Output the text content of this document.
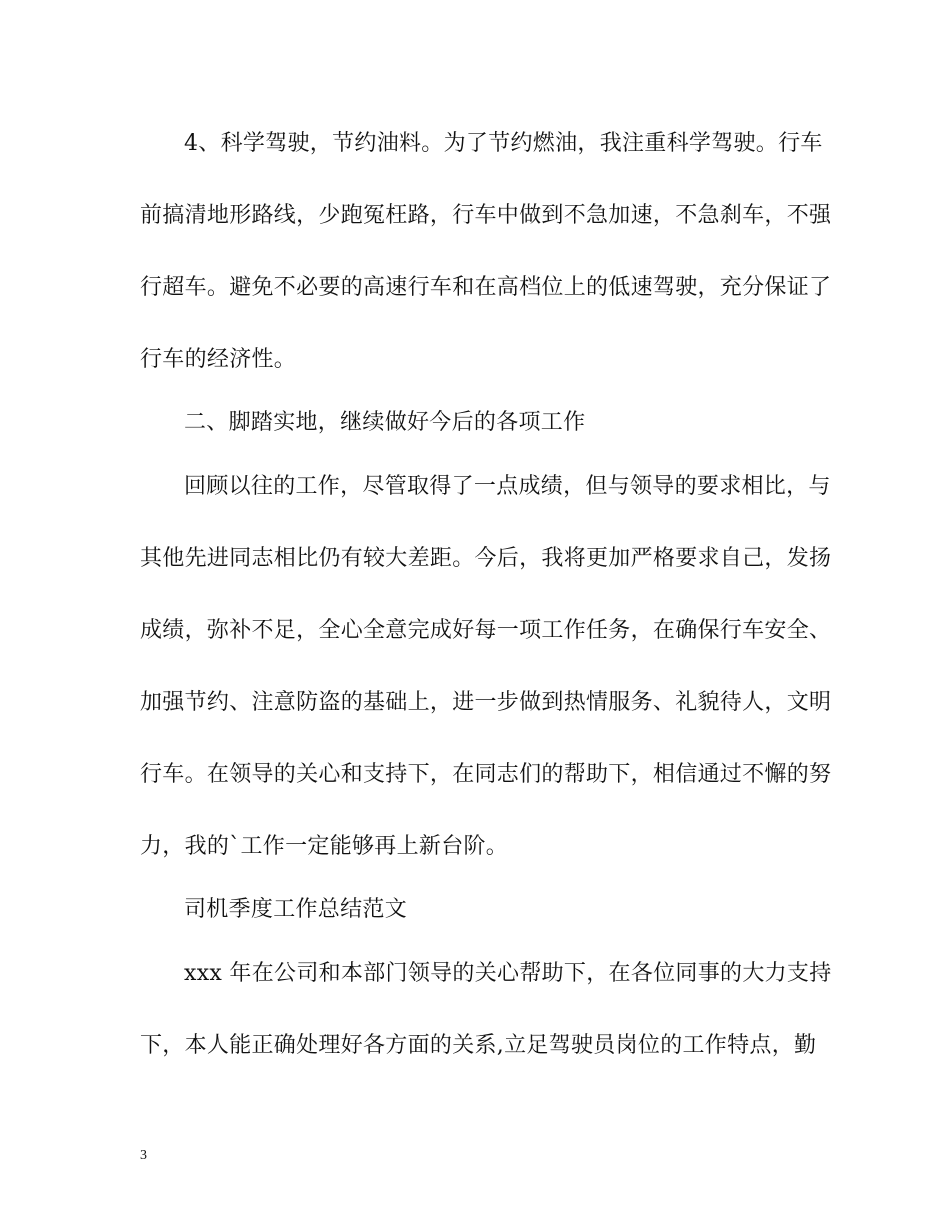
4、科学驾驶，节约油料。为了节约燃油，我注重科学驾驶。行车
前搞清地形路线，少跑冤枉路，行车中做到不急加速，不急刹车，不强
行超车。避免不必要的高速行车和在高档位上的低速驾驶，充分保证了
行车的经济性。
二、脚踏实地，继续做好今后的各项工作
回顾以往的工作，尽管取得了一点成绩，但与领导的要求相比，与
其他先进同志相比仍有较大差距。今后，我将更加严格要求自己，发扬
成绩，弥补不足，全心全意完成好每一项工作任务，在确保行车安全、
加强节约、注意防盗的基础上，进一步做到热情服务、礼貌待人，文明
行车。在领导的关心和支持下，在同志们的帮助下，相信通过不懈的努
力，我的`工作一定能够再上新台阶。
司机季度工作总结范文
xxx 年在公司和本部门领导的关心帮助下，在各位同事的大力支持
下，本人能正确处理好各方面的关系,立足驾驶员岗位的工作特点，勤
3
